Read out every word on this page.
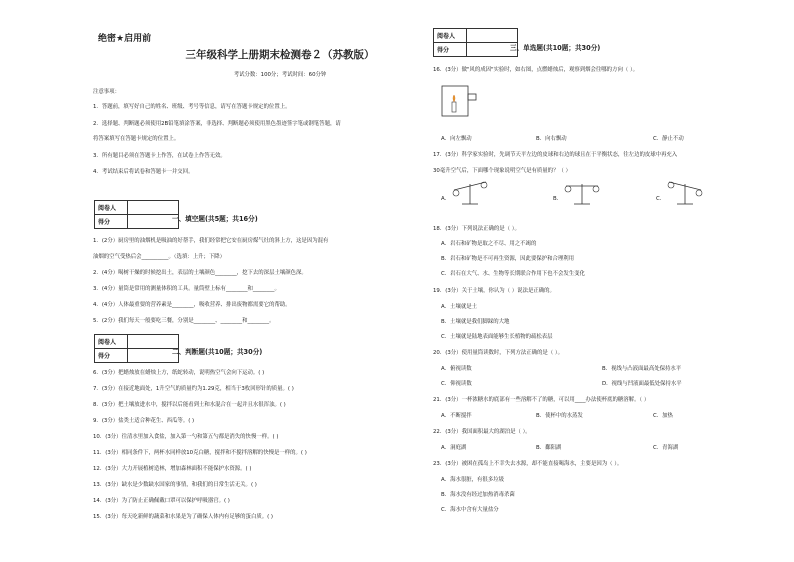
绝密★启用前
三年级科学上册期末检测卷２（苏教版）
考试分数：100分；考试时间：60分钟
注意事项：
1．答题前，填写好自己的姓名、班级、考号等信息，请写在答题卡规定的位置上。
2．选择题、判断题必须使用2B铅笔填涂答案，非选择、判断题必须使用黑色墨迹签字笔或钢笔答题，请
将答案填写在答题卡规定的位置上。
3．所有题目必须在答题卡上作答，在试卷上作答无效。
4．考试结束后将试卷和答题卡一并交回。
阅卷人	
得分		一、填空题(共5题；共16分)
1．(2分）厨房里的油烟机是吸油的好帮手，我们经常把它安在厨房煤气灶的斜上方，这是因为混有
油烟的空气受热后会__________。（选填：上升；下降）
2．(4分）喝树干燥的时候挖出土，表层的土壤颜色________，挖下去的深层土壤颜色深。
3．(4分）量筒是常用的测量体积的工具。量筒壁上标有________和________。
4．(4分）人体最重要的营养素是________，吸收营养、排出废物都需要它的帮助。
5．(2分）我们每天一般要吃三餐，分别是________、________和________。
阅卷人	
得分	
二、判断题(共10题；共30分)
6．(3分）把蜡烛放在蜡烛上方，纸蛇转动，说明热空气会向下运动。( )
7．(3分）在接近地面处，1升空气的质量约为1.29克，相当于3枚回形针的质量。( )
8．(3分）把土壤放进水中，搅拌以后能看到土和水混合在一起并且水很浑浊。( )
9．(3分）盐类土适合种花生、西瓜等。( )
10．(3分）往清水里加入食盐，加入第一勺和第五勺都是消失的快慢一样。( )
11．(3分）相同条件下，两杯水同样放10克白糖，搅拌和不搅拌溶解的快慢是一样的。( )
12．(3分）大力开展植树造林，增加森林面积不能保护水资源。( )
13．(3分）缺水是少数缺水国家的事情，和我们的日常生活无关。( )
14．(3分）为了防止正确佩戴口罩可以保护呼吸器官。( )
15．(3分）每天吃新鲜的蔬菜和水果是为了确保人体内有足够的蛋白质。( )
阅卷人	
得分		三、单选题(共10题；共30分)
16．(3分）做"风的成因"实验时，如右图，点燃蜡烛后，观察到烟会往哪的方向（ ）。
A．向左飘动	B．向右飘动	C．静止不动
17．(3分）科学家实验时，先调节天平左边的皮球和右边的球且在于平衡状态，往左边的皮球中再充入
30毫升空气后，下面哪个现象说明空气是有质量的？（ ）
A．	B．	C．
18．(3分）下列说法正确的是（ ）。
A．岩石和矿物是取之不尽、用之不竭的
B．岩石和矿物是不可再生资源，因此要保护和合理利用
C．岩石在大气、水、生物等长期联合作用下也不会发生变化
19．(3分）关于土壤，你认为（ ）说法是正确的。
A．土壤就是土
B．土壤就是我们脚踩的大地
C．土壤就是陆地表面能够生长植物的疏松表层
20．(3分）使用量筒读数时，下列方法正确的是（ ）。
A．俯视读数	B．视线与凸液面最高处保持水平
C．仰视读数	D．视线与凹液面最低处保持水平
21．(3分）一杯浓糖水的底部有一些溶解不了的糖，可以用____办法使杯底的糖溶解。（ ）
A．不断搅拌	B．使杯中的水蒸发	C．加热
22．(3分）我国面积最大的湖泊是（ ）。
A．洞庭湖	B．鄱阳湖	C．青海湖
23．(3分）被困在孤岛上不幸失去水源，却不能直接喝海水，主要是因为（ ）。
A．海水很脏，有很多垃圾
B．海水没有经过加热消毒杀菌
C．海水中含有大量盐分
